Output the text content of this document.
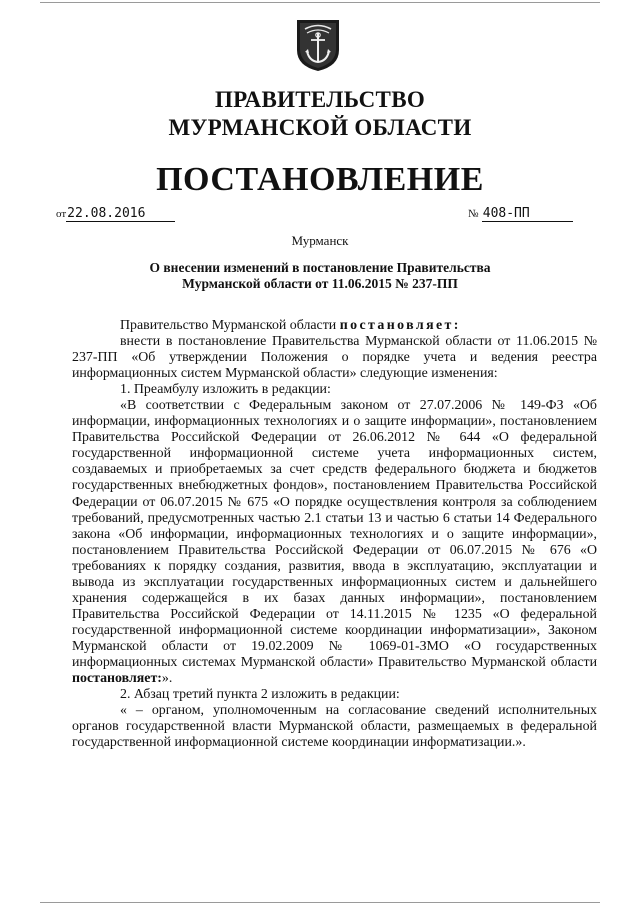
ПРАВИТЕЛЬСТВО
МУРМАНСКОЙ ОБЛАСТИ
ПОСТАНОВЛЕНИЕ
от22.08.2016	№ 408-ПП
Мурманск
О внесении изменений в постановление Правительства
Мурманской области от 11.06.2015 № 237-ПП

Правительство Мурманской области постановляет:

внести в постановление Правительства Мурманской области от 11.06.2015 № 237-ПП «Об утверждении Положения о порядке учета и ведения реестра информационных систем Мурманской области» следующие изменения:

1. Преамбулу изложить в редакции:

«В соответствии с Федеральным законом от 27.07.2006 № 149-ФЗ «Об информации, информационных технологиях и о защите информации», постановлением Правительства Российской Федерации от 26.06.2012 № 644 «О федеральной государственной информационной системе учета информационных систем, создаваемых и приобретаемых за счет средств федерального бюджета и бюджетов государственных внебюджетных фондов», постановлением Правительства Российской Федерации от 06.07.2015 № 675 «О порядке осуществления контроля за соблюдением требований, предусмотренных частью 2.1 статьи 13 и частью 6 статьи 14 Федерального закона «Об информации, информационных технологиях и о защите информации», постановлением Правительства Российской Федерации от 06.07.2015 № 676 «О требованиях к порядку создания, развития, ввода в эксплуатацию, эксплуатации и вывода из эксплуатации государственных информационных систем и дальнейшего хранения содержащейся в их базах данных информации», постановлением Правительства Российской Федерации от 14.11.2015 № 1235 «О федеральной государственной информационной системе координации информатизации», Законом Мурманской области от 19.02.2009 № 1069-01-ЗМО «О государственных информационных системах Мурманской области» Правительство Мурманской области постановляет:».

2. Абзац третий пункта 2 изложить в редакции:

« – органом, уполномоченным на согласование сведений исполнительных органов государственной власти Мурманской области, размещаемых в федеральной государственной информационной системе координации информатизации.».
